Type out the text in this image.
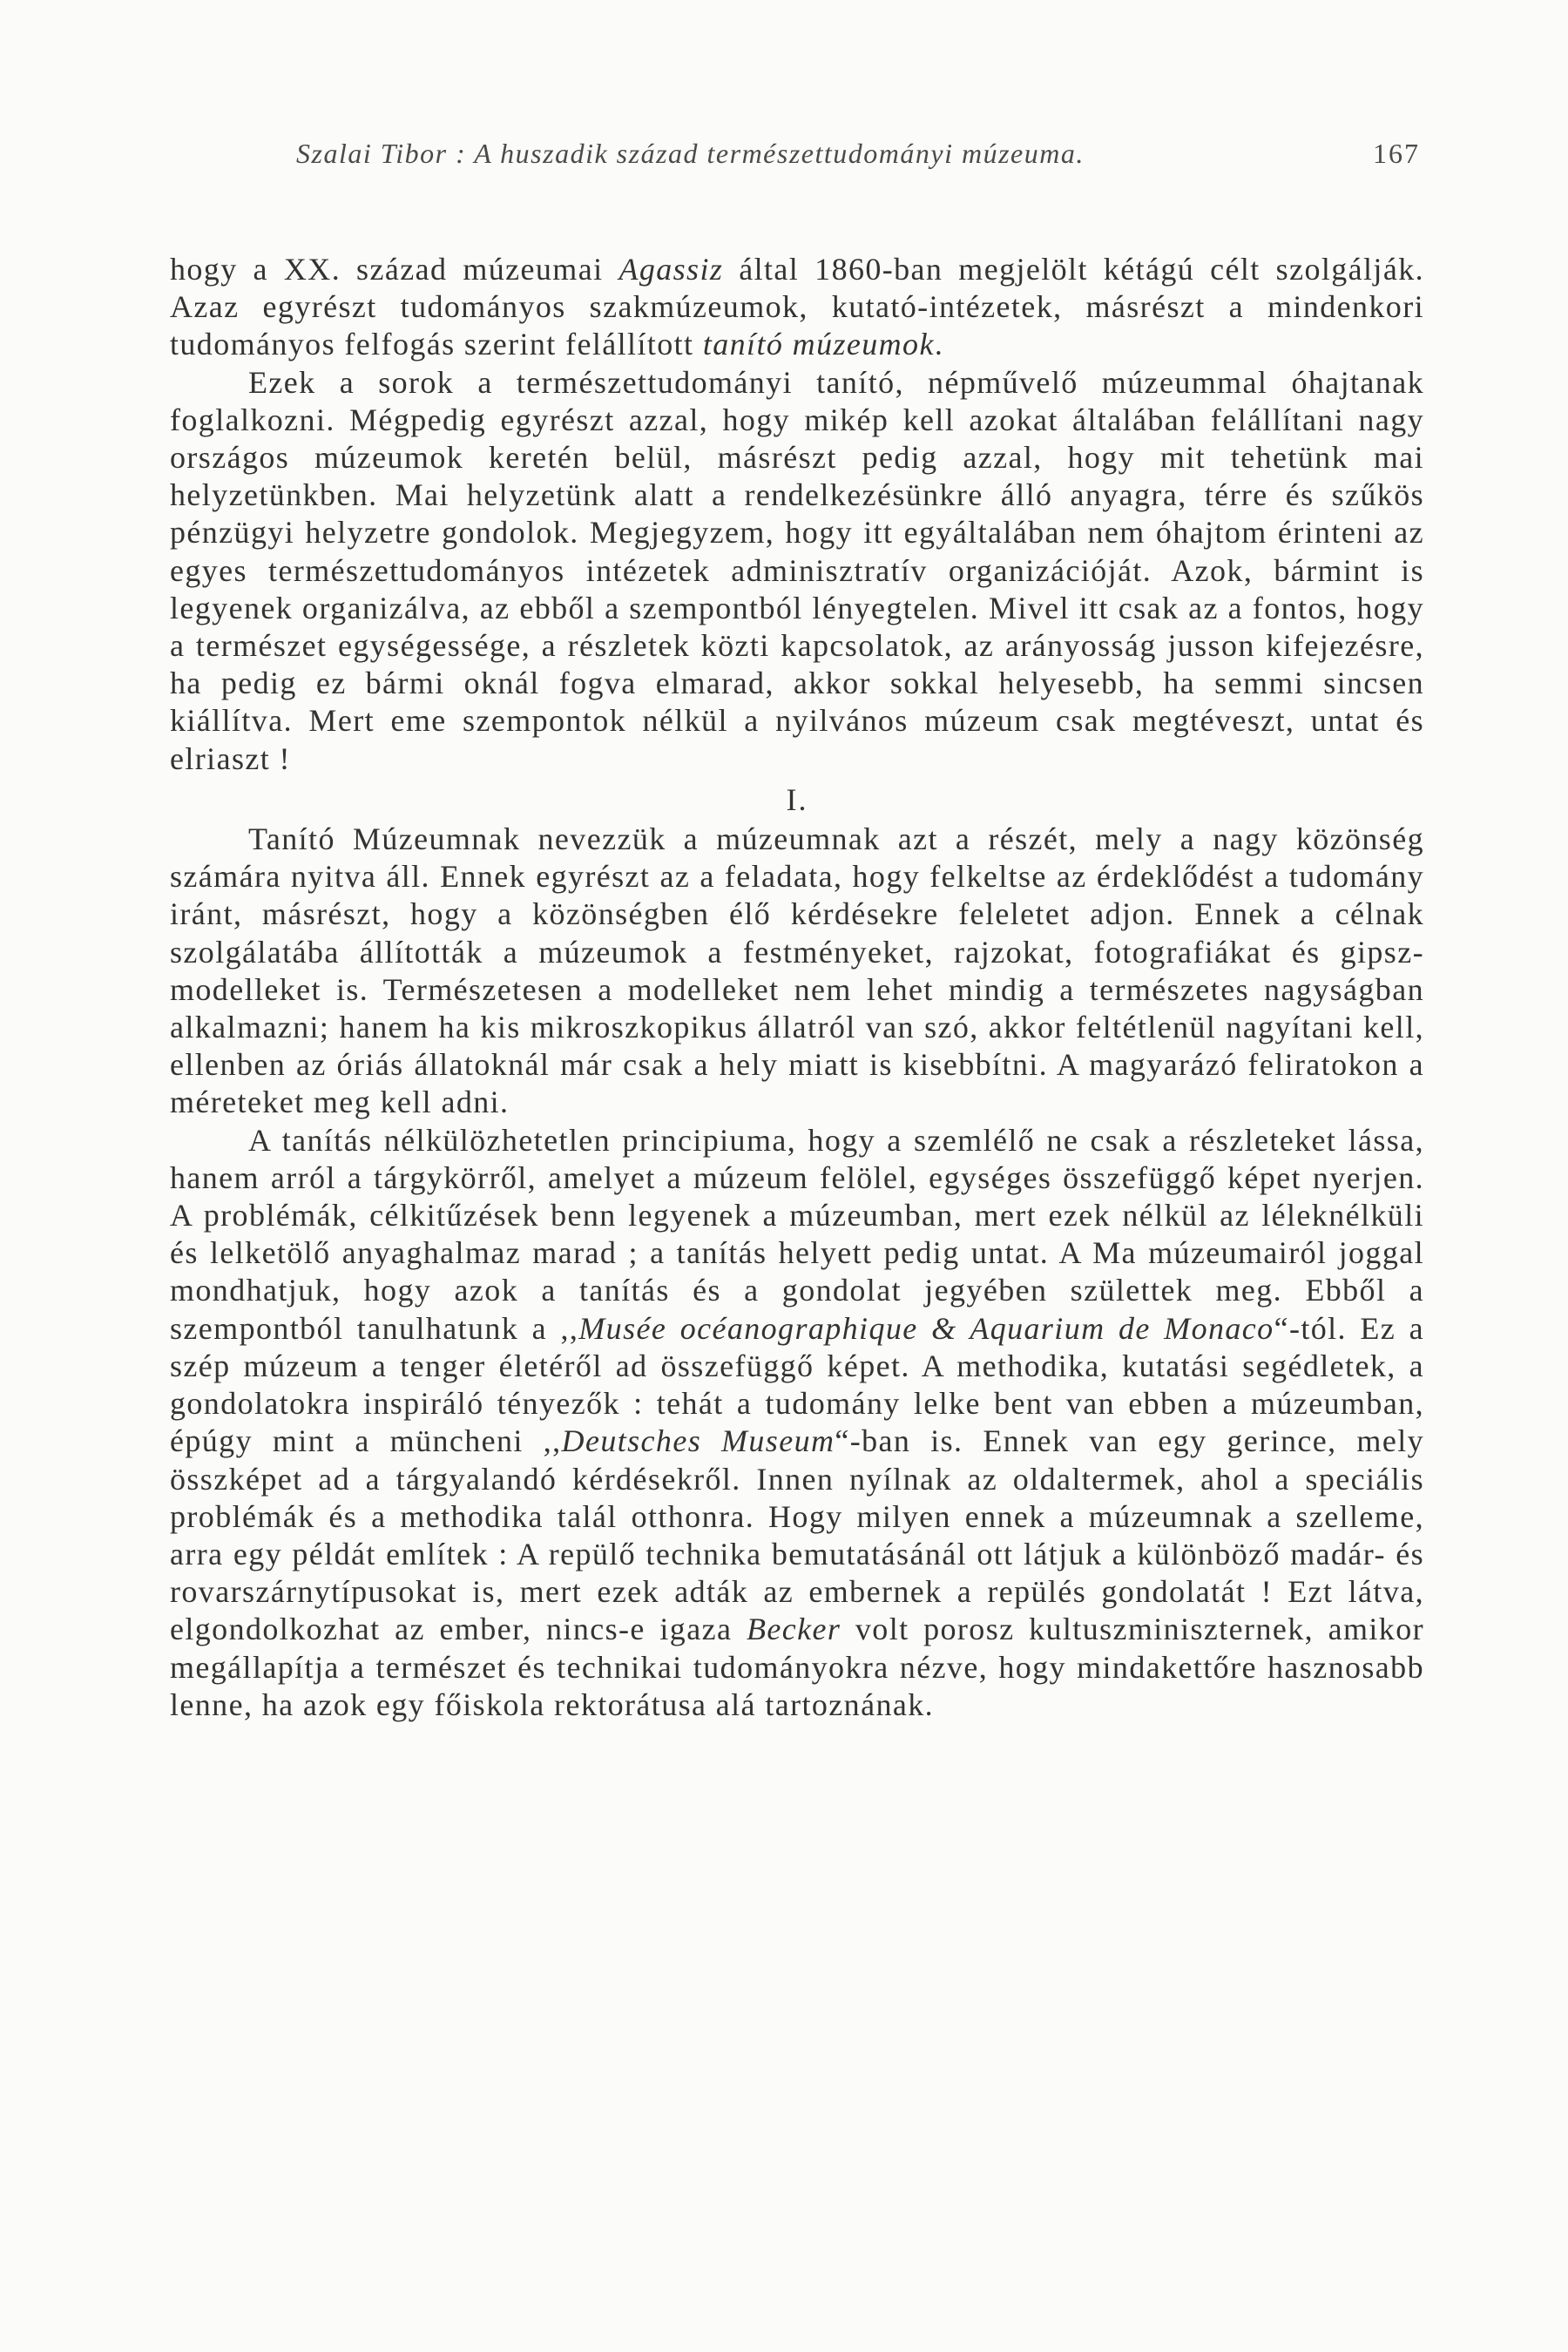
Szalai Tibor : A huszadik század természettudományi múzeuma.	167

hogy a XX. század múzeumai Agassiz által 1860-ban megjelölt kétágú célt szolgálják. Azaz egyrészt tudományos szakmúzeumok, kutató-intézetek, másrészt a mindenkori tudományos felfogás szerint felállított tanító múzeumok.

Ezek a sorok a természettudományi tanító, népművelő múzeummal óhajtanak foglalkozni. Mégpedig egyrészt azzal, hogy mikép kell azokat általában felállítani nagy országos múzeumok keretén belül, másrészt pedig azzal, hogy mit tehetünk mai helyzetünkben. Mai helyzetünk alatt a rendelkezésünkre álló anyagra, térre és szűkös pénzügyi helyzetre gondolok. Megjegyzem, hogy itt egyáltalában nem óhajtom érinteni az egyes természettudományos intézetek adminisztratív organizációját. Azok, bármint is legyenek organizálva, az ebből a szempontból lényegtelen. Mivel itt csak az a fontos, hogy a természet egységessége, a részletek közti kapcsolatok, az arányosság jusson kifejezésre, ha pedig ez bármi oknál fogva elmarad, akkor sokkal helyesebb, ha semmi sincsen kiállítva. Mert eme szempontok nélkül a nyilvános múzeum csak megtéveszt, untat és elriaszt !

I.

Tanító Múzeumnak nevezzük a múzeumnak azt a részét, mely a nagy közönség számára nyitva áll. Ennek egyrészt az a feladata, hogy felkeltse az érdeklődést a tudomány iránt, másrészt, hogy a közönségben élő kérdésekre feleletet adjon. Ennek a célnak szolgálatába állították a múzeumok a festményeket, rajzokat, fotografiákat és gipsz-modelleket is. Természetesen a modelleket nem lehet mindig a természetes nagyságban alkalmazni; hanem ha kis mikroszkopikus állatról van szó, akkor feltétlenül nagyítani kell, ellenben az óriás állatoknál már csak a hely miatt is kisebbítni. A magyarázó feliratokon a méreteket meg kell adni.

A tanítás nélkülözhetetlen principiuma, hogy a szemlélő ne csak a részleteket lássa, hanem arról a tárgykörről, amelyet a múzeum felölel, egységes összefüggő képet nyerjen. A problémák, célkitűzések benn legyenek a múzeumban, mert ezek nélkül az léleknélküli és lelketölő anyaghalmaz marad ; a tanítás helyett pedig untat. A Ma múzeumairól joggal mondhatjuk, hogy azok a tanítás és a gondolat jegyében születtek meg. Ebből a szempontból tanulhatunk a ,,Musée océanographique & Aquarium de Monaco“-tól. Ez a szép múzeum a tenger életéről ad összefüggő képet. A methodika, kutatási segédletek, a gondolatokra inspiráló tényezők : tehát a tudomány lelke bent van ebben a múzeumban, épúgy mint a müncheni ,,Deutsches Museum“-ban is. Ennek van egy gerince, mely összképet ad a tárgyalandó kérdésekről. Innen nyílnak az oldaltermek, ahol a speciális problémák és a methodika talál otthonra. Hogy milyen ennek a múzeumnak a szelleme, arra egy példát említek : A repülő technika bemutatásánál ott látjuk a különböző madár- és rovarszárnytípusokat is, mert ezek adták az embernek a repülés gondolatát ! Ezt látva, elgondolkozhat az ember, nincs-e igaza Becker volt porosz kultuszminiszternek, amikor megállapítja a természet és technikai tudományokra nézve, hogy mindakettőre hasznosabb lenne, ha azok egy főiskola rektorátusa alá tartoznának.
